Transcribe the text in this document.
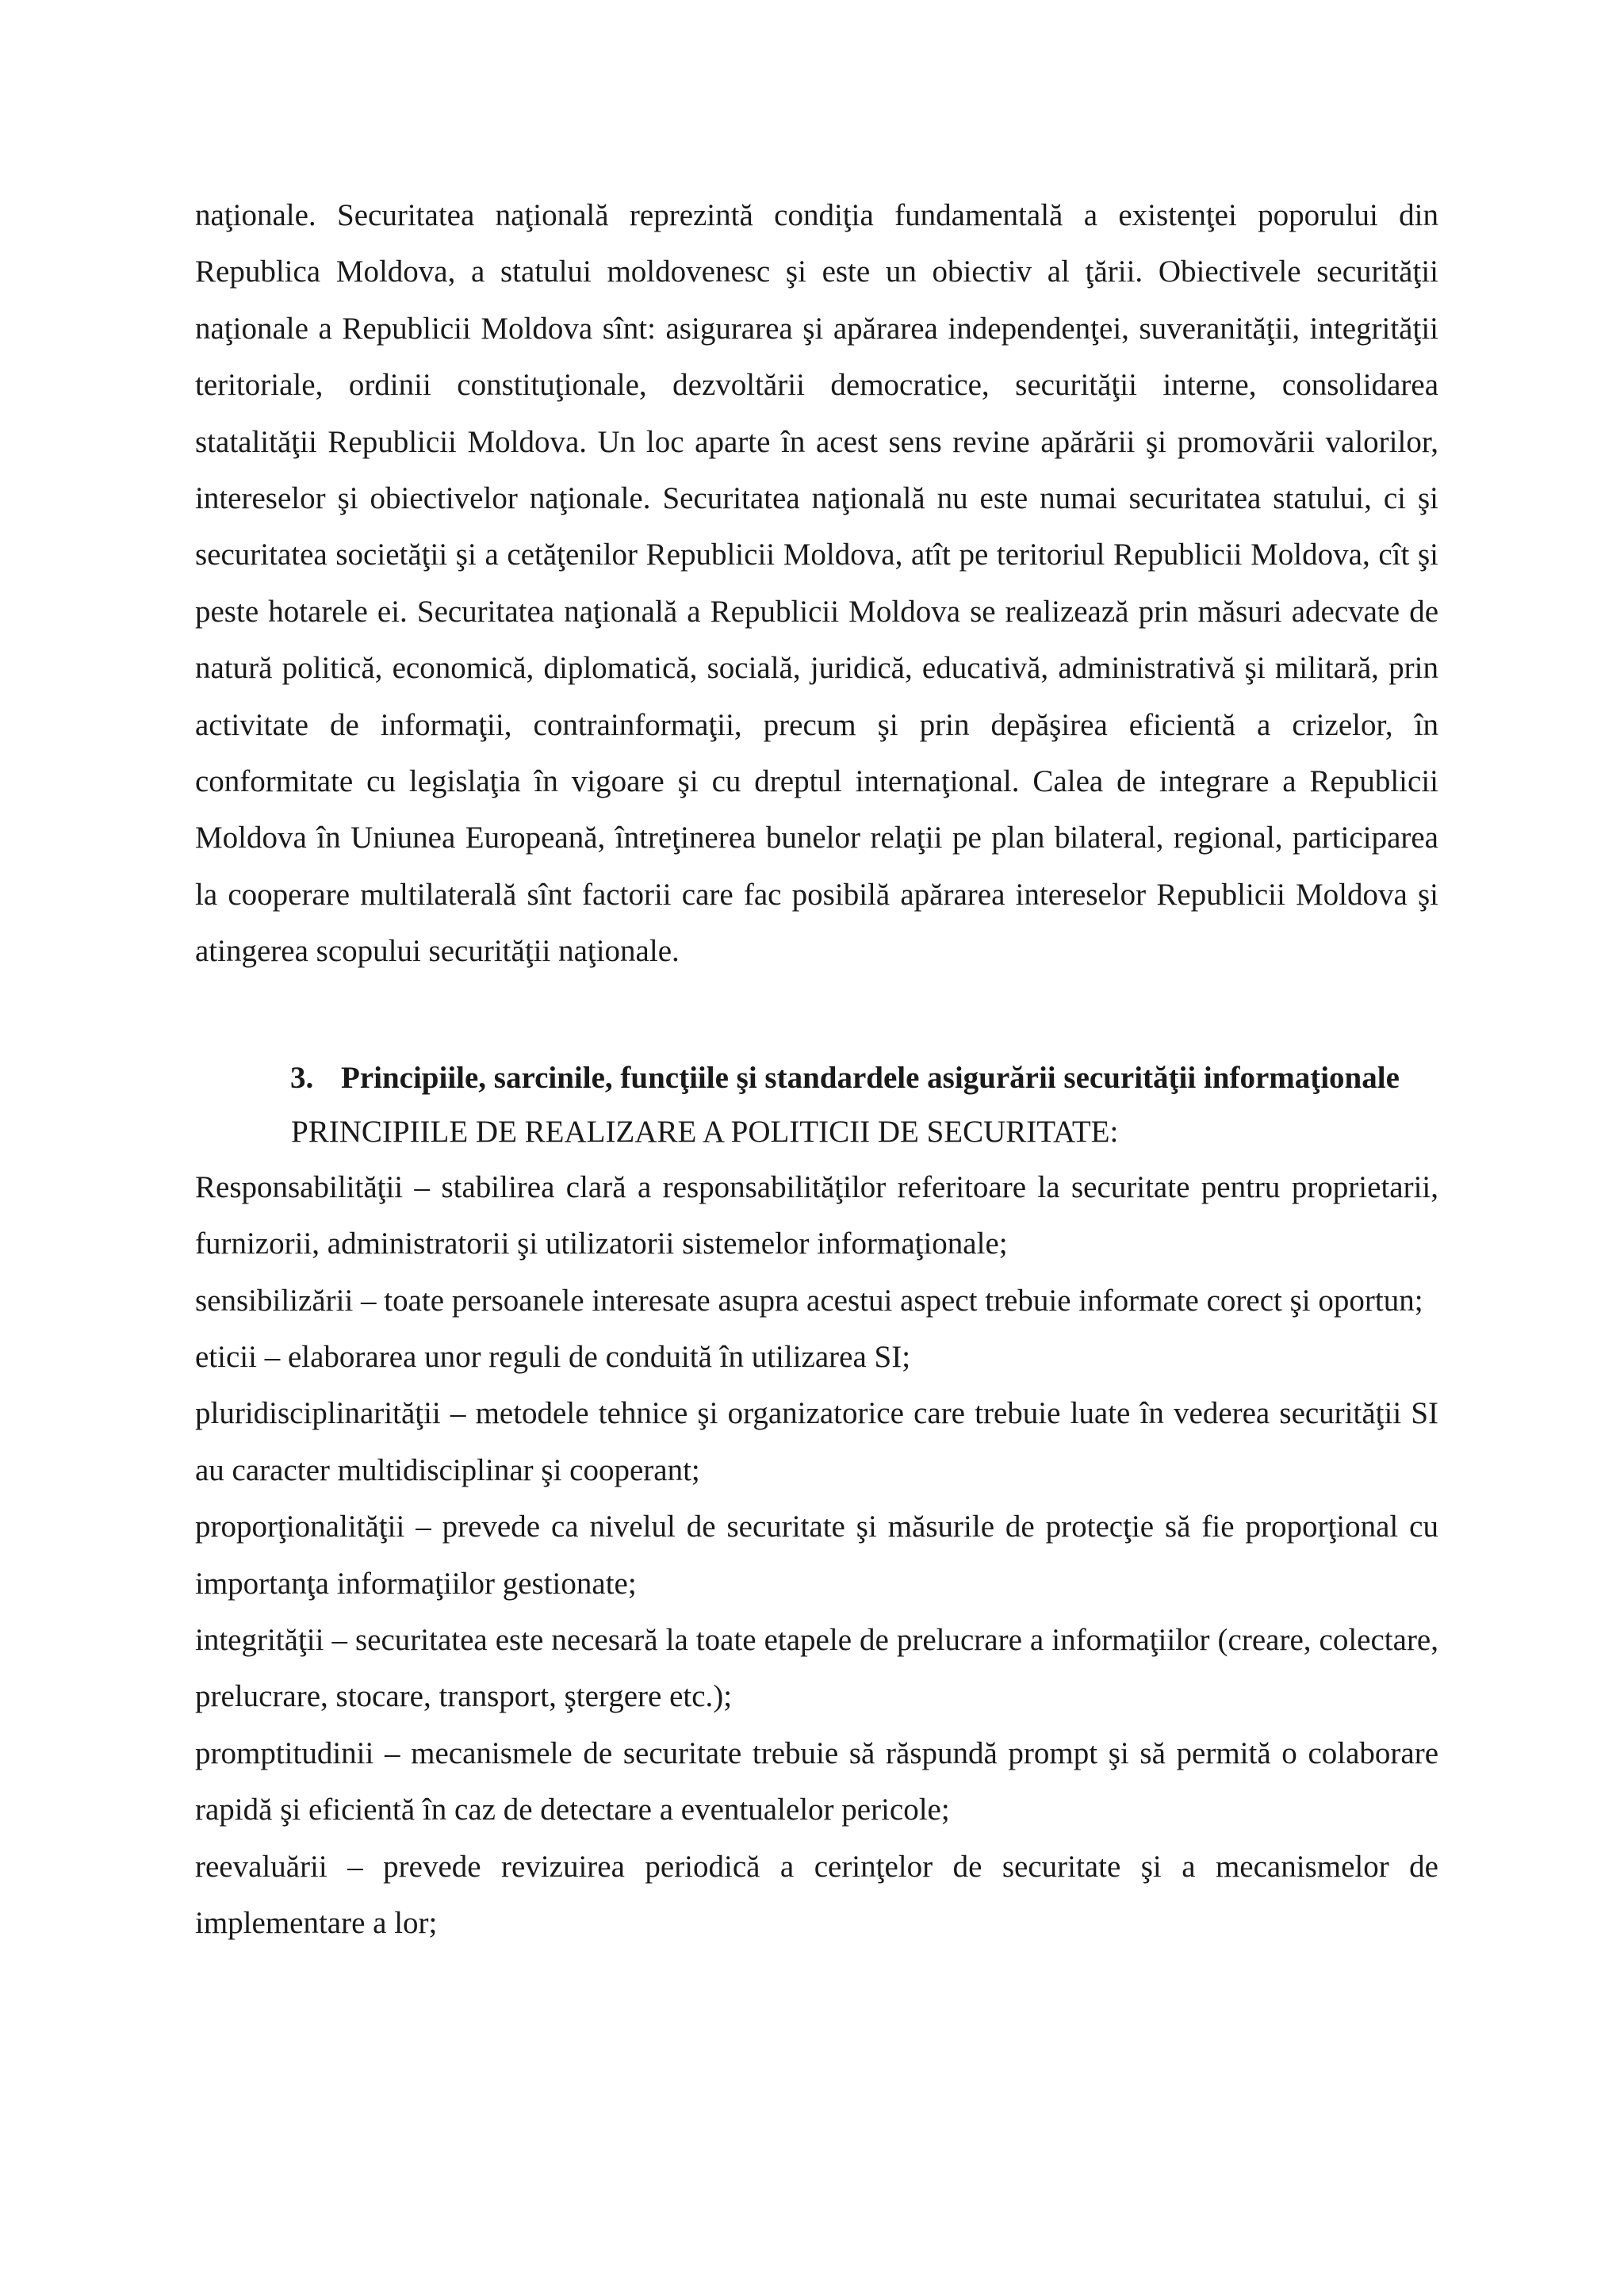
naţionale. Securitatea naţională reprezintă condiţia fundamentală a existenţei poporului din Republica Moldova, a statului moldovenesc şi este un obiectiv al ţării. Obiectivele securităţii naţionale a Republicii Moldova sînt: asigurarea şi apărarea independenţei, suveranităţii, integrităţii teritoriale, ordinii constituţionale, dezvoltării democratice, securităţii interne, consolidarea statalităţii Republicii Moldova. Un loc aparte în acest sens revine apărării şi promovării valorilor, intereselor şi obiectivelor naţionale. Securitatea naţională nu este numai securitatea statului, ci şi securitatea societăţii şi a cetăţenilor Republicii Moldova, atît pe teritoriul Republicii Moldova, cît şi peste hotarele ei. Securitatea naţională a Republicii Moldova se realizează prin măsuri adecvate de natură politică, economică, diplomatică, socială, juridică, educativă, administrativă şi militară, prin activitate de informaţii, contrainformaţii, precum şi prin depăşirea eficientă a crizelor, în conformitate cu legislaţia în vigoare şi cu dreptul internaţional. Calea de integrare a Republicii Moldova în Uniunea Europeană, întreţinerea bunelor relaţii pe plan bilateral, regional, participarea la cooperare multilaterală sînt factorii care fac posibilă apărarea intereselor Republicii Moldova şi atingerea scopului securităţii naţionale.

3. Principiile, sarcinile, funcţiile şi standardele asigurării securităţii informaţionale

PRINCIPIILE DE REALIZARE A POLITICII DE SECURITATE:

Responsabilităţii – stabilirea clară a responsabilităţilor referitoare la securitate pentru proprietarii, furnizorii, administratorii şi utilizatorii sistemelor informaţionale;

sensibilizării – toate persoanele interesate asupra acestui aspect trebuie informate corect şi oportun;

eticii – elaborarea unor reguli de conduită în utilizarea SI;

pluridisciplinarităţii – metodele tehnice şi organizatorice care trebuie luate în vederea securităţii SI au caracter multidisciplinar şi cooperant;

proporţionalităţii – prevede ca nivelul de securitate şi măsurile de protecţie să fie proporţional cu importanţa informaţiilor gestionate;

integrităţii – securitatea este necesară la toate etapele de prelucrare a informaţiilor (creare, colectare, prelucrare, stocare, transport, ştergere etc.);

promptitudinii – mecanismele de securitate trebuie să răspundă prompt şi să permită o colaborare rapidă şi eficientă în caz de detectare a eventualelor pericole;

reevaluării – prevede revizuirea periodică a cerinţelor de securitate şi a mecanismelor de implementare a lor;
